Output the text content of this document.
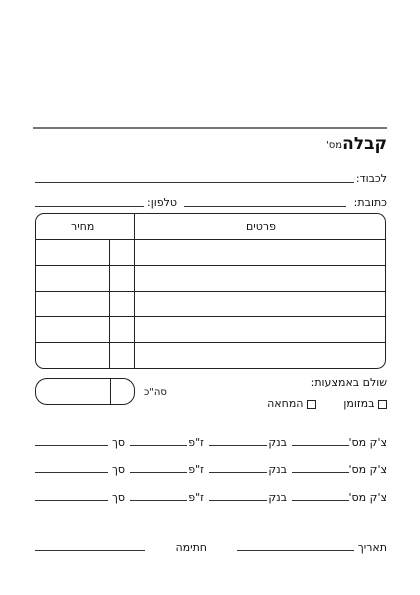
קבלה
מס'
לכבוד:
כתובת:
טלפון:
פרטים
מחיר
שולם באמצעות:
במזומן
המחאה
סה"כ
צ'ק מס'
בנק
ז"פ
סך
צ'ק מס'
בנק
ז"פ
סך
צ'ק מס'
בנק
ז"פ
סך
תאריך
חתימה
